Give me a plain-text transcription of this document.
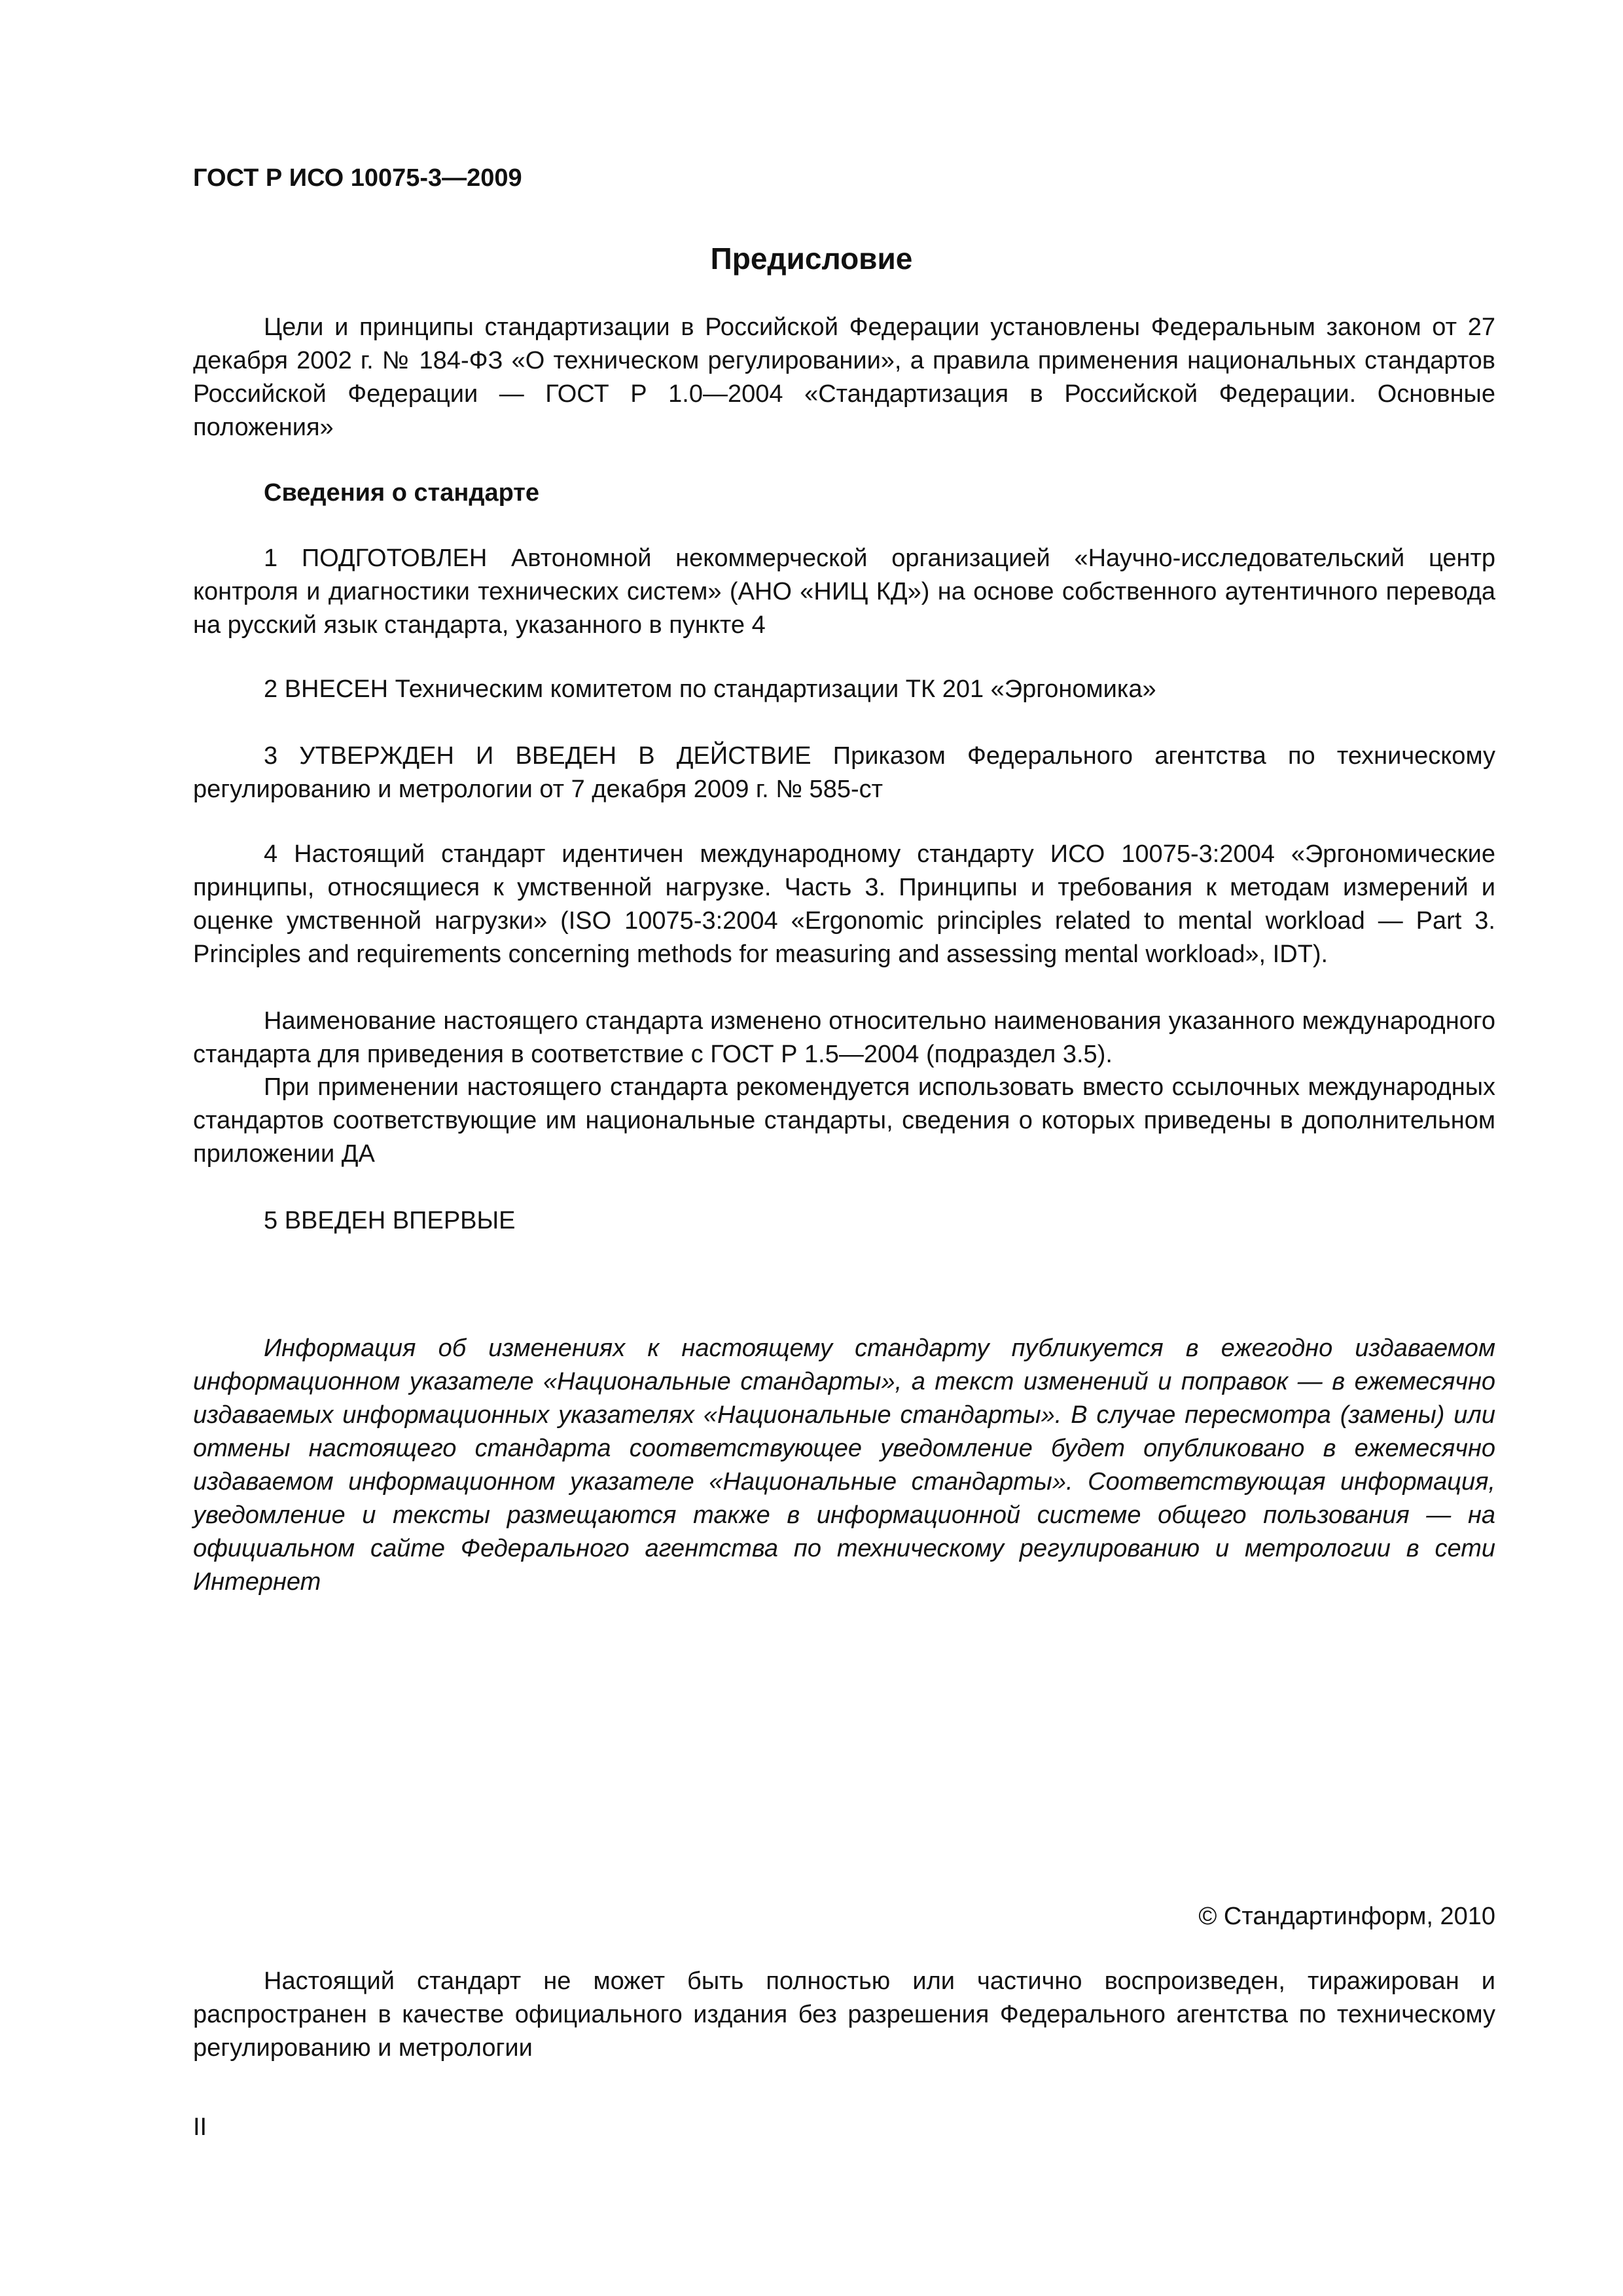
ГОСТ Р ИСО 10075-3—2009

Предисловие

Цели и принципы стандартизации в Российской Федерации установлены Федеральным законом от 27 декабря 2002 г. № 184-ФЗ «О техническом регулировании», а правила применения национальных стандартов Российской Федерации — ГОСТ Р 1.0—2004 «Стандартизация в Российской Федерации. Основные положения»

Сведения о стандарте

1 ПОДГОТОВЛЕН Автономной некоммерческой организацией «Научно-исследовательский центр контроля и диагностики технических систем» (АНО «НИЦ КД») на основе собственного аутентичного перевода на русский язык стандарта, указанного в пункте 4

2 ВНЕСЕН Техническим комитетом по стандартизации ТК 201 «Эргономика»

3 УТВЕРЖДЕН И ВВЕДЕН В ДЕЙСТВИЕ Приказом Федерального агентства по техническому регулированию и метрологии от 7 декабря 2009 г. № 585-ст

4 Настоящий стандарт идентичен международному стандарту ИСО 10075-3:2004 «Эргономические принципы, относящиеся к умственной нагрузке. Часть 3. Принципы и требования к методам измерений и оценке умственной нагрузки» (ISO 10075-3:2004 «Ergonomic principles related to mental workload — Part 3. Principles and requirements concerning methods for measuring and assessing mental workload», IDT).

Наименование настоящего стандарта изменено относительно наименования указанного международного стандарта для приведения в соответствие с ГОСТ Р 1.5—2004 (подраздел 3.5).

При применении настоящего стандарта рекомендуется использовать вместо ссылочных международных стандартов соответствующие им национальные стандарты, сведения о которых приведены в дополнительном приложении ДА

5 ВВЕДЕН ВПЕРВЫЕ

Информация об изменениях к настоящему стандарту публикуется в ежегодно издаваемом информационном указателе «Национальные стандарты», а текст изменений и поправок — в ежемесячно издаваемых информационных указателях «Национальные стандарты». В случае пересмотра (замены) или отмены настоящего стандарта соответствующее уведомление будет опубликовано в ежемесячно издаваемом информационном указателе «Национальные стандарты». Соответствующая информация, уведомление и тексты размещаются также в информационной системе общего пользования — на официальном сайте Федерального агентства по техническому регулированию и метрологии в сети Интернет

© Стандартинформ, 2010

Настоящий стандарт не может быть полностью или частично воспроизведен, тиражирован и распространен в качестве официального издания без разрешения Федерального агентства по техническому регулированию и метрологии

II
